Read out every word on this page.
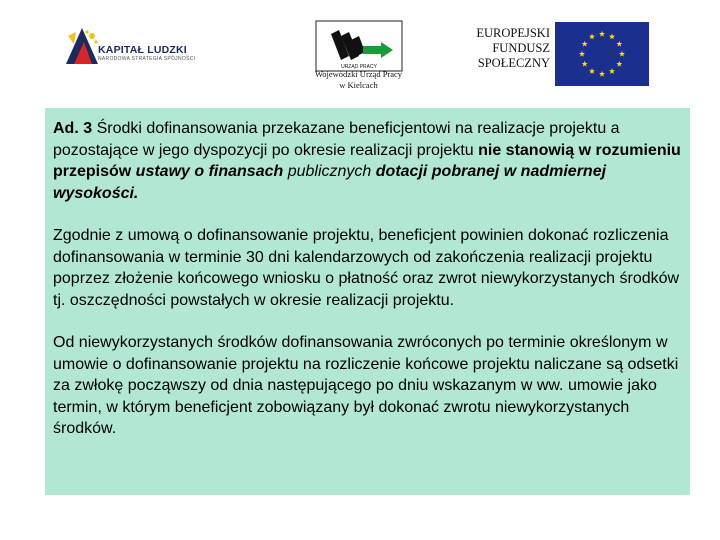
KAPITAŁ LUDZKI
NARODOWA STRATEGIA SPÓJNOŚCI
URZĄD PRACY
Wojewódzki Urząd Pracy
w Kielcach
EUROPEJSKI
FUNDUSZ
SPOŁECZNY

Ad. 3 Środki dofinansowania przekazane beneficjentowi na realizacje projektu a pozostające w jego dyspozycji po okresie realizacji projektu nie stanowią w rozumieniu przepisów ustawy o finansach publicznych dotacji pobranej w nadmiernej wysokości.

Zgodnie z umową o dofinansowanie projektu, beneficjent powinien dokonać rozliczenia dofinansowania w terminie 30 dni kalendarzowych od zakończenia realizacji projektu poprzez złożenie końcowego wniosku o płatność oraz zwrot niewykorzystanych środków tj. oszczędności powstałych w okresie realizacji projektu.

Od niewykorzystanych środków dofinansowania zwróconych po terminie określonym w umowie o dofinansowanie projektu na rozliczenie końcowe projektu naliczane są odsetki za zwłokę począwszy od dnia następującego po dniu wskazanym w ww. umowie jako termin, w którym beneficjent zobowiązany był dokonać zwrotu niewykorzystanych środków.
